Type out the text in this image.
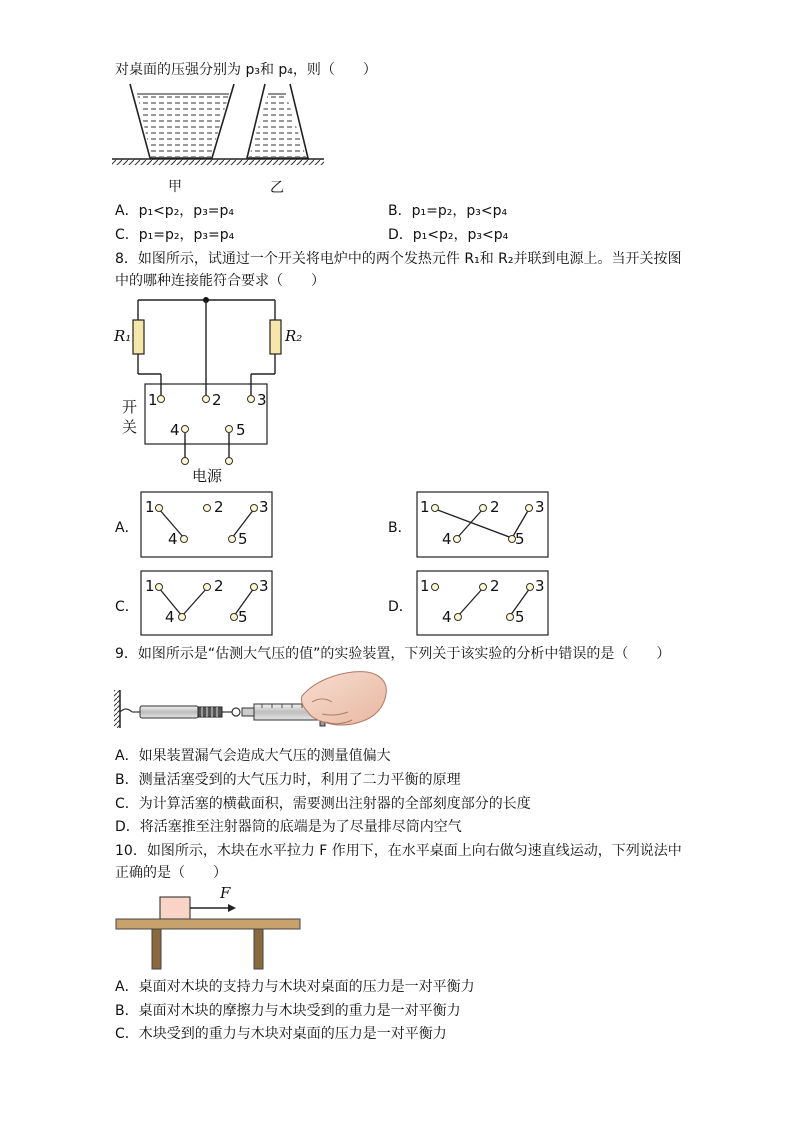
对桌面的压强分别为 p₃和 p₄，则（　　）
甲	乙
A．p₁<p₂，p₃=p₄	B．p₁=p₂，p₃<p₄
C．p₁=p₂，p₃=p₄	D．p₁<p₂，p₃<p₄
8．如图所示，试通过一个开关将电炉中的两个发热元件 R₁和 R₂并联到电源上。当开关按图
中的哪种连接能符合要求（　　）
R₁	R₂
开
关
1	2 3
4	5
电源
A．
1	2 3
4	5
B．
1	2 3
4	5
C．
1	2 3
4	5
D．
1	2 3
4	5
9．如图所示是“估测大气压的值”的实验装置，下列关于该实验的分析中错误的是（　　）
A．如果装置漏气会造成大气压的测量值偏大
B．测量活塞受到的大气压力时，利用了二力平衡的原理
C．为计算活塞的横截面积，需要测出注射器的全部刻度部分的长度
D．将活塞推至注射器筒的底端是为了尽量排尽筒内空气
10．如图所示，木块在水平拉力 F 作用下，在水平桌面上向右做匀速直线运动，下列说法中
正确的是（　　）
F
A．桌面对木块的支持力与木块对桌面的压力是一对平衡力
B．桌面对木块的摩擦力与木块受到的重力是一对平衡力
C．木块受到的重力与木块对桌面的压力是一对平衡力
